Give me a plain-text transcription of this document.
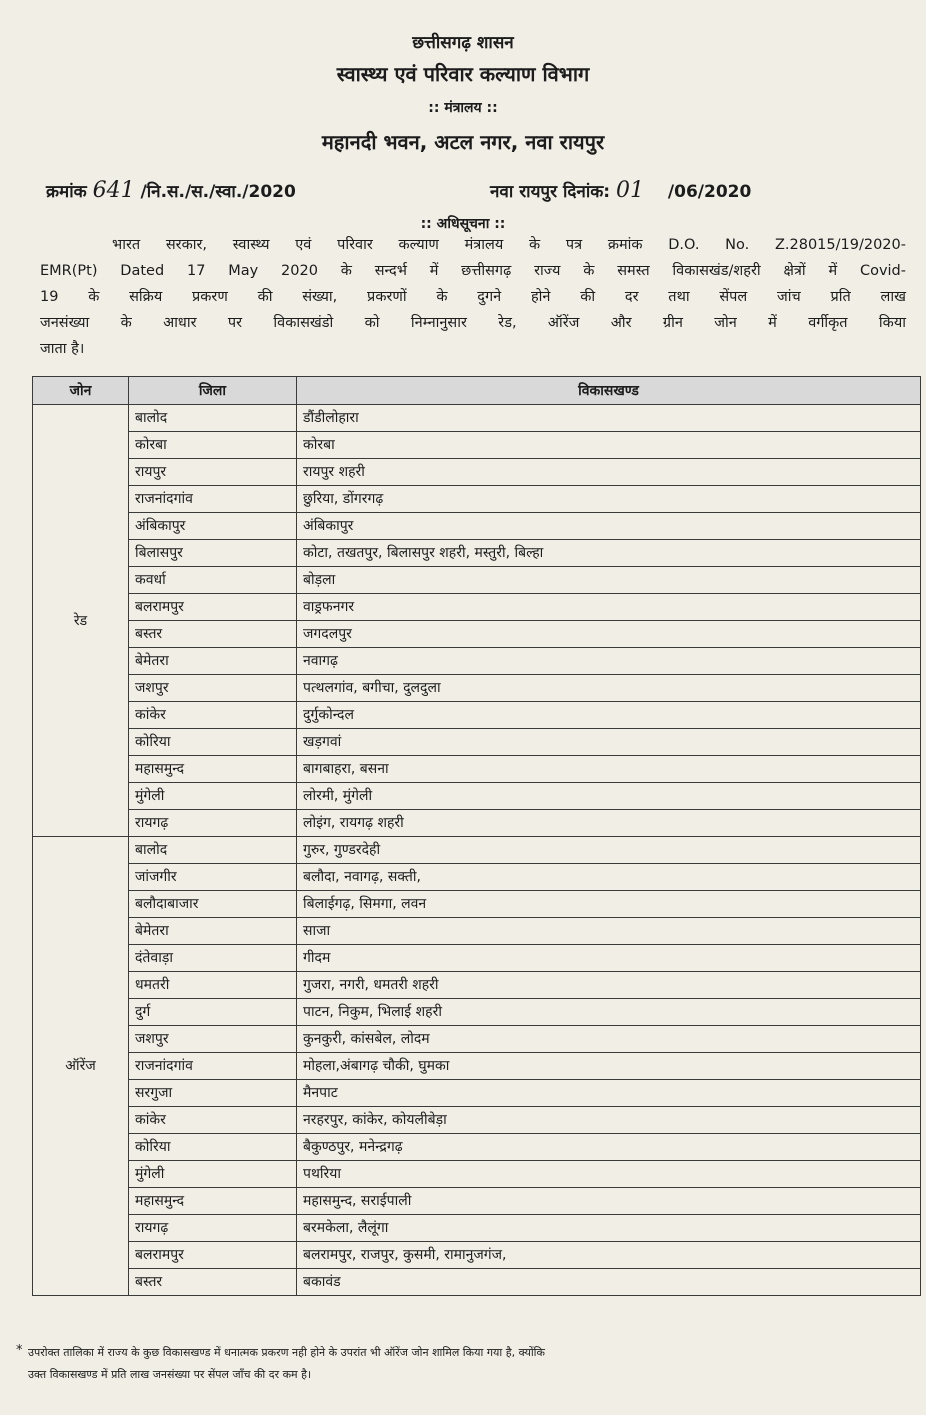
छत्तीसगढ़ शासन
स्वास्थ्य एवं परिवार कल्याण विभाग
:: मंत्रालय ::
महानदी भवन, अटल नगर, नवा रायपुर
क्रमांक 641 /नि.स./स./स्वा./2020	नवा रायपुर दिनांक: 01 /06/2020
:: अधिसूचना ::
भारत सरकार, स्वास्थ्य एवं परिवार कल्याण मंत्रालय के पत्र क्रमांक D.O. No. Z.28015/19/2020-
EMR(Pt) Dated 17 May 2020 के सन्दर्भ में छत्तीसगढ़ राज्य के समस्त विकासखंड/शहरी क्षेत्रों में Covid-
19 के सक्रिय प्रकरण की संख्या, प्रकरणों के दुगने होने की दर तथा सेंपल जांच प्रति लाख
जनसंख्या के आधार पर विकासखंडो को निम्नानुसार रेड, ऑरेंज और ग्रीन जोन में वर्गीकृत किया
जाता है।
जोन	जिला	विकासखण्ड
रेड	बालोद	डौंडीलोहारा
	कोरबा	कोरबा
	रायपुर	रायपुर शहरी
	राजनांदगांव	छुरिया, डोंगरगढ़
	अंबिकापुर	अंबिकापुर
	बिलासपुर	कोटा, तखतपुर, बिलासपुर शहरी, मस्तुरी, बिल्हा
	कवर्धा	बोड़ला
	बलरामपुर	वाड्रफनगर
	बस्तर	जगदलपुर
	बेमेतरा	नवागढ़
	जशपुर	पत्थलगांव, बगीचा, दुलदुला
	कांकेर	दुर्गुकोन्दल
	कोरिया	खड़गवां
	महासमुन्द	बागबाहरा, बसना
	मुंगेली	लोरमी, मुंगेली
	रायगढ़	लोइंग, रायगढ़ शहरी
ऑरेंज	बालोद	गुरुर, गुण्डरदेही
	जांजगीर	बलौदा, नवागढ़, सक्ती,
	बलौदाबाजार	बिलाईगढ़, सिमगा, लवन
	बेमेतरा	साजा
	दंतेवाड़ा	गीदम
	धमतरी	गुजरा, नगरी, धमतरी शहरी
	दुर्ग	पाटन, निकुम, भिलाई शहरी
	जशपुर	कुनकुरी, कांसबेल, लोदम
	राजनांदगांव	मोहला,अंबागढ़ चौकी, घुमका
	सरगुजा	मैनपाट
	कांकेर	नरहरपुर, कांकेर, कोयलीबेड़ा
	कोरिया	बैकुण्ठपुर, मनेन्द्रगढ़
	मुंगेली	पथरिया
	महासमुन्द	महासमुन्द, सराईपाली
	रायगढ़	बरमकेला, लैलूंगा
	बलरामपुर	बलरामपुर, राजपुर, कुसमी, रामानुजगंज,
	बस्तर	बकावंड
* उपरोक्त तालिका में राज्य के कुछ विकासखण्ड में धनात्मक प्रकरण नही होने के उपरांत भी ऑरेंज जोन शामिल किया गया है, क्योंकि
उक्त विकासखण्ड में प्रति लाख जनसंख्या पर सेंपल जाँच की दर कम है।
